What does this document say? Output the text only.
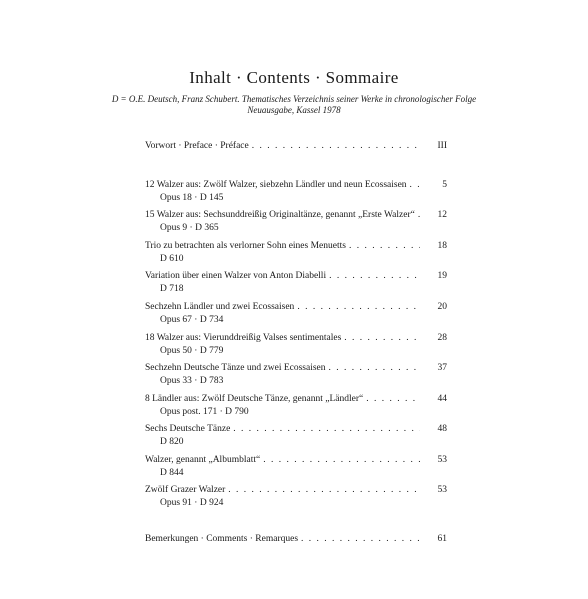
Inhalt · Contents · Sommaire
D = O.E. Deutsch, Franz Schubert. Thematisches Verzeichnis seiner Werke in chronologischer Folge
Neuausgabe, Kassel 1978
Vorwort · Preface · Préface . . .	III
12 Walzer aus: Zwölf Walzer, siebzehn Ländler und neun Ecossaisen . . .	5
Opus 18 · D 145
15 Walzer aus: Sechsunddreißig Originaltänze, genannt „Erste Walzer“ . . .	12
Opus 9 · D 365
Trio zu betrachten als verlorner Sohn eines Menuetts . . .	18
D 610
Variation über einen Walzer von Anton Diabelli . . .	19
D 718
Sechzehn Ländler und zwei Ecossaisen . . .	20
Opus 67 · D 734
18 Walzer aus: Vierunddreißig Valses sentimentales . . .	28
Opus 50 · D 779
Sechzehn Deutsche Tänze und zwei Ecossaisen . . .	37
Opus 33 · D 783
8 Ländler aus: Zwölf Deutsche Tänze, genannt „Ländler“ . . .	44
Opus post. 171 · D 790
Sechs Deutsche Tänze . . .	48
D 820
Walzer, genannt „Albumblatt“ . . .	53
D 844
Zwölf Grazer Walzer . . .	53
Opus 91 · D 924
Bemerkungen · Comments · Remarques . . .	61
